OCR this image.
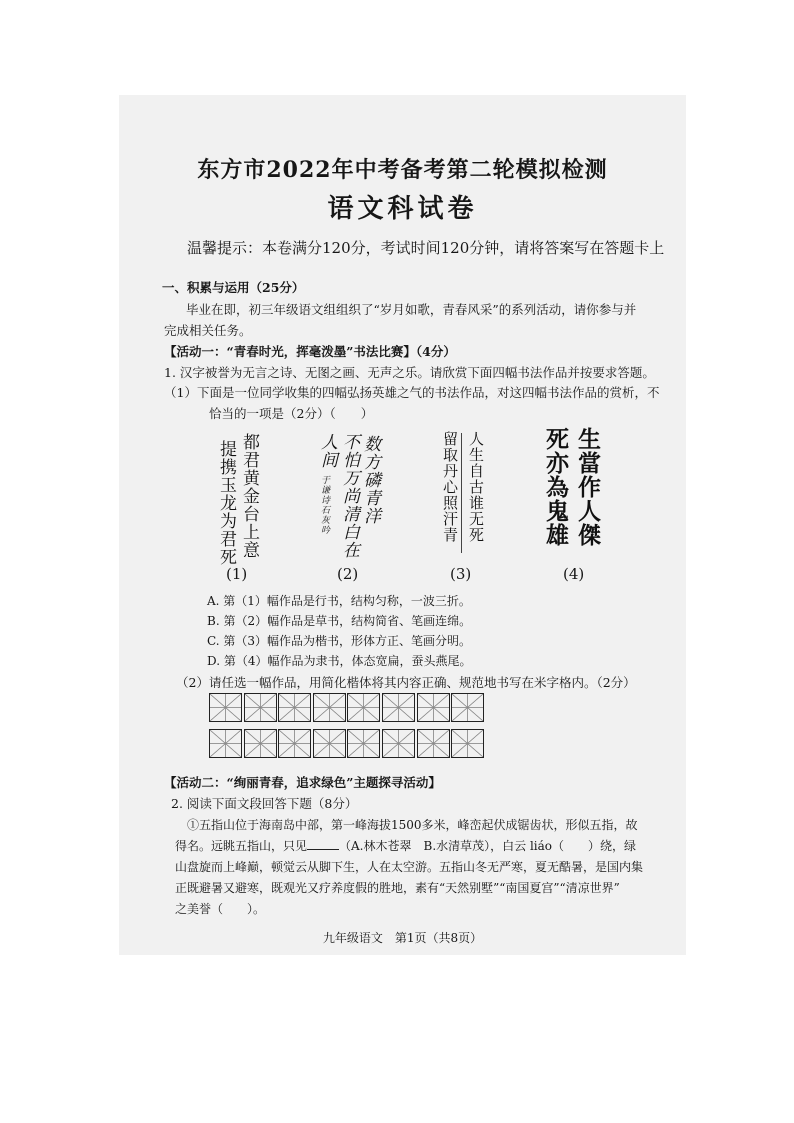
东方市2022年中考备考第二轮模拟检测
语文科试卷
温馨提示：本卷满分120分，考试时间120分钟，请将答案写在答题卡上
一、积累与运用（25分）
毕业在即，初三年级语文组组织了“岁月如歌，青春风采”的系列活动，请你参与并
完成相关任务。
【活动一：“青春时光，挥毫泼墨”书法比赛】（4分）
1. 汉字被誉为无言之诗、无图之画、无声之乐。请欣赏下面四幅书法作品并按要求答题。
（1）下面是一位同学收集的四幅弘扬英雄之气的书法作品，对这四幅书法作品的赏析，不
恰当的一项是（2分）（　　）
都君黄金台上意
提携玉龙为君死	数方磷青洋
不怕万尚清白在
人间
于谦诗石灰吟	人生自古谁无死
留取丹心照汗青	生當作人傑
死亦為鬼雄
(1)	(2)	(3)	(4)
A. 第（1）幅作品是行书，结构匀称，一波三折。
B. 第（2）幅作品是草书，结构简省、笔画连绵。
C. 第（3）幅作品为楷书，形体方正、笔画分明。
D. 第（4）幅作品为隶书，体态宽扁，蚕头燕尾。
（2）请任选一幅作品，用简化楷体将其内容正确、规范地书写在米字格内。（2分）
【活动二：“绚丽青春，追求绿色”主题探寻活动】
2. 阅读下面文段回答下题（8分）
①五指山位于海南岛中部，第一峰海拔1500多米，峰峦起伏成锯齿状，形似五指，故
得名。远眺五指山，只见	（A.林木苍翠　B.水清草茂），白云 liáo（　　）绕，绿
山盘旋而上峰巅，顿觉云从脚下生，人在太空游。五指山冬无严寒，夏无酷暑，是国内集
正既避暑又避寒，既观光又疗养度假的胜地，素有“天然别墅”“南国夏宫”“清凉世界”
之美誉（　　）。
九年级语文　第1页（共8页）
